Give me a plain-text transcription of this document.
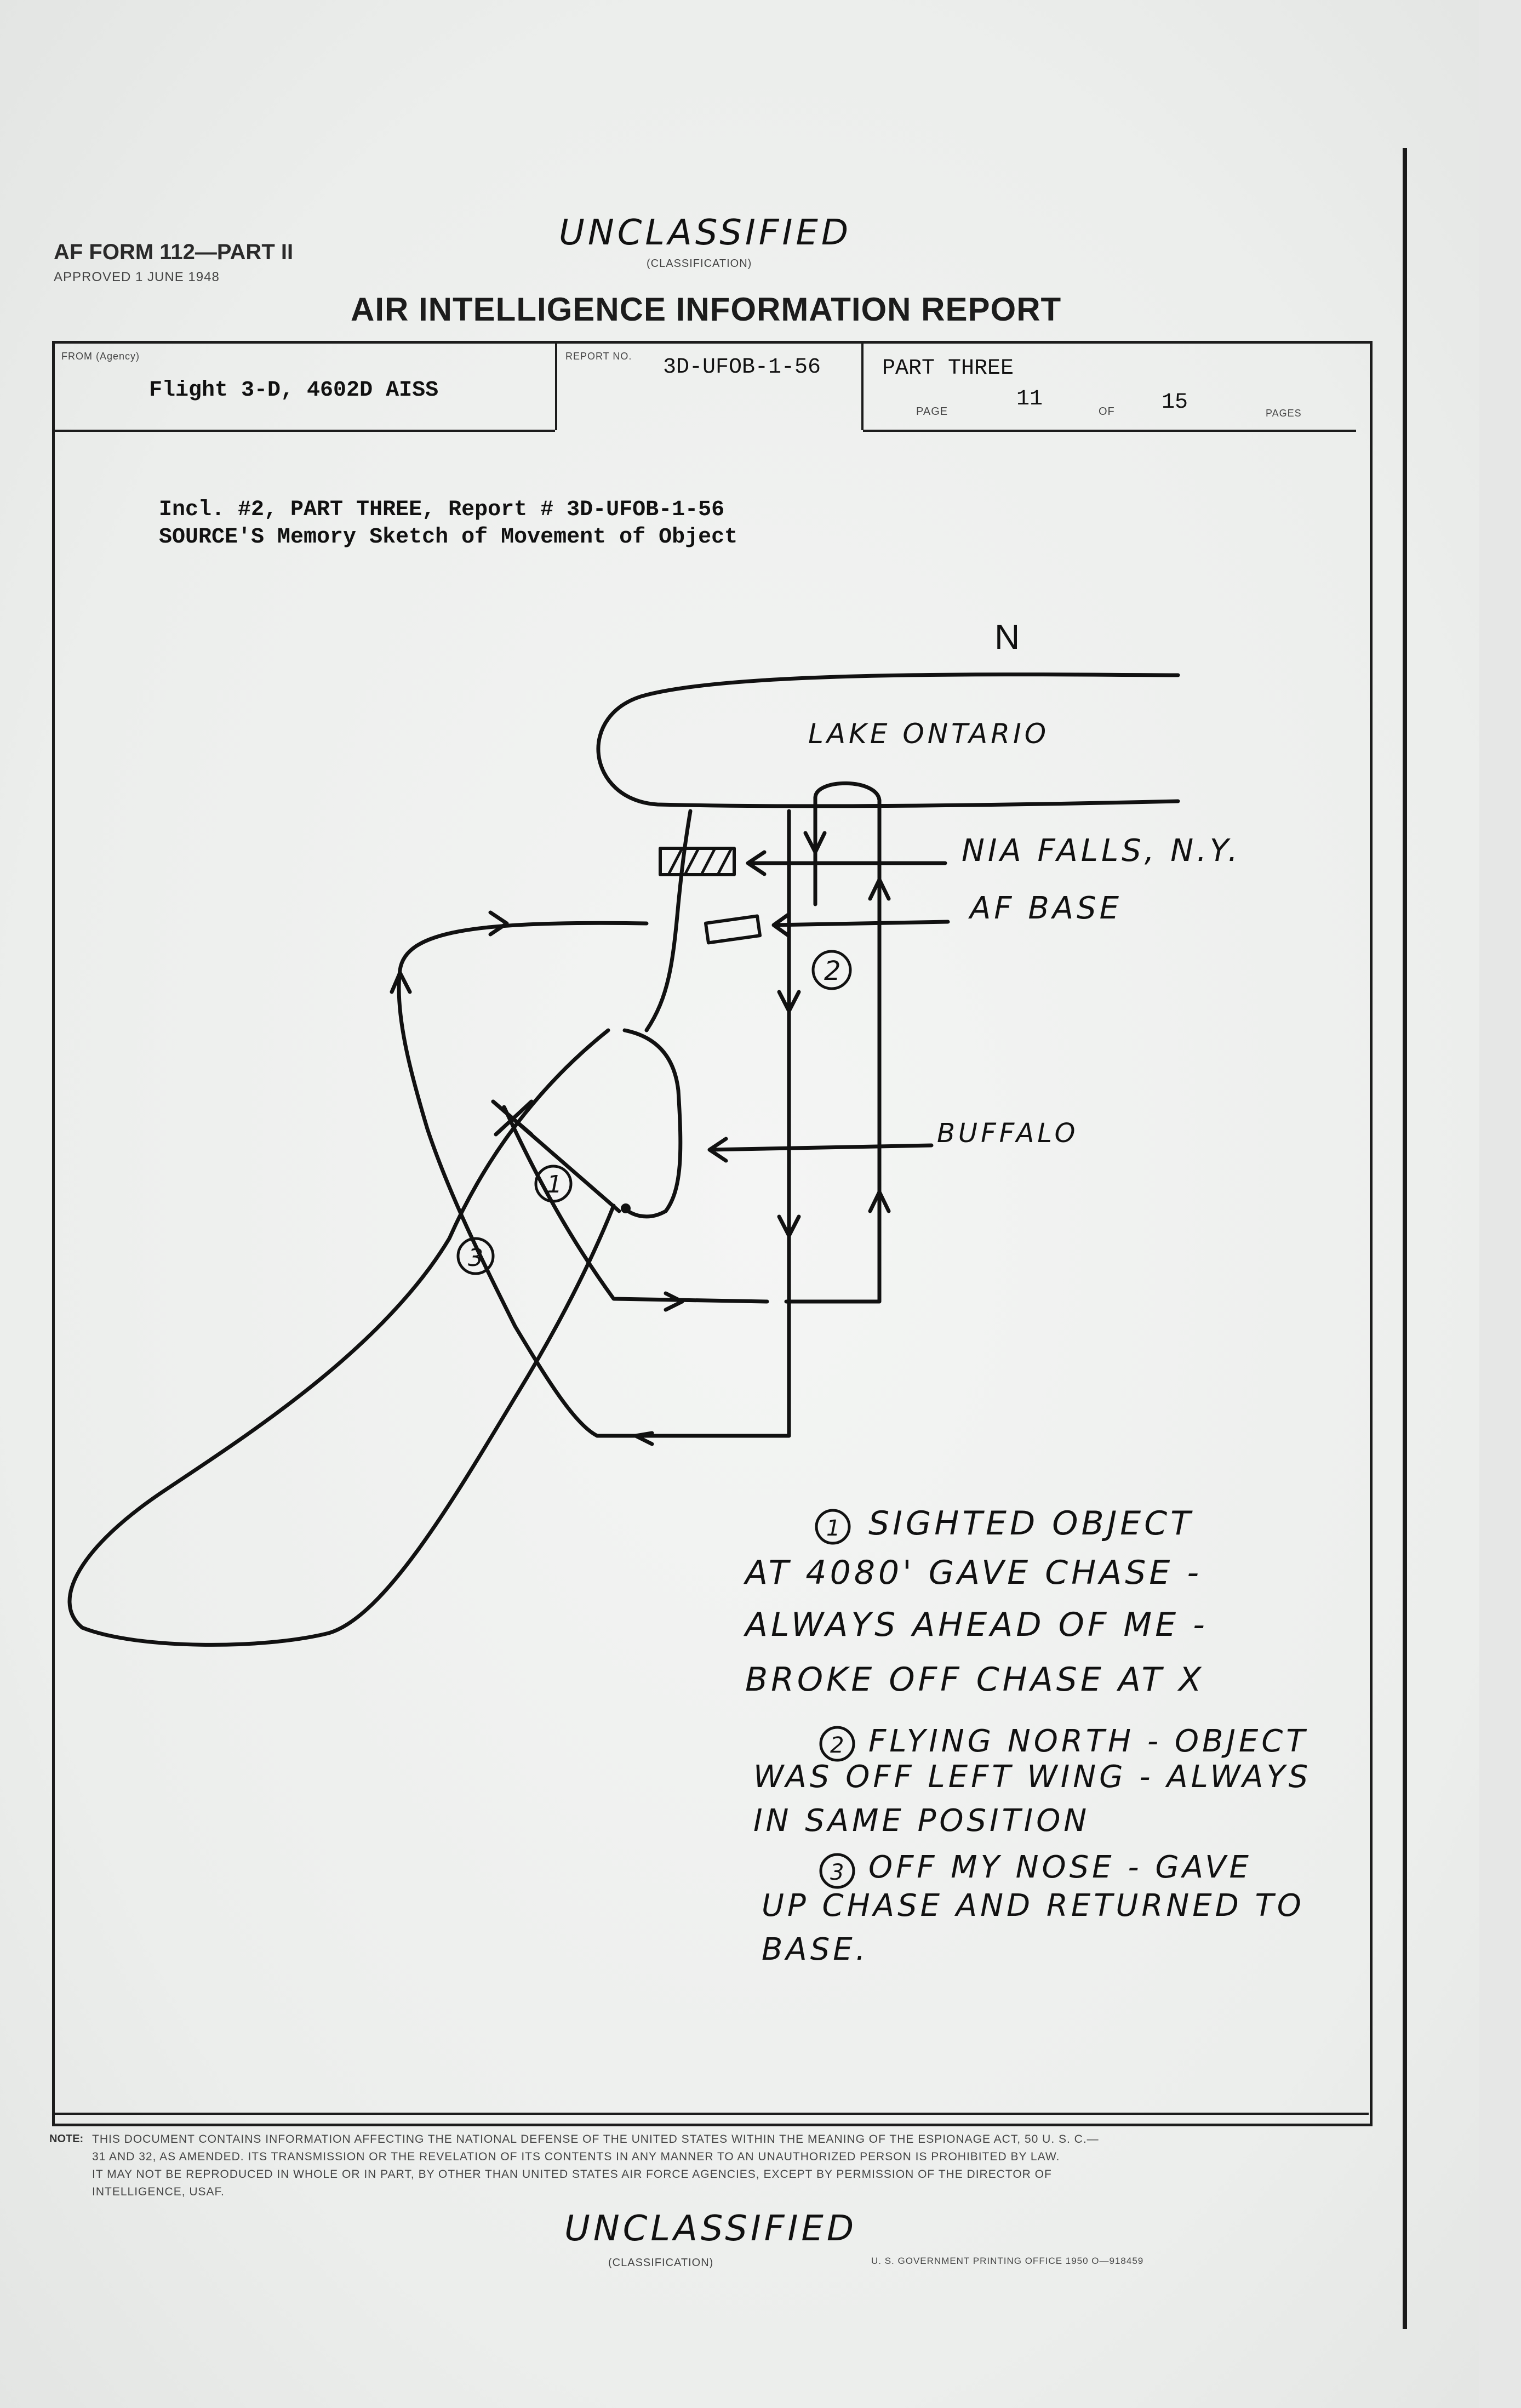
AF FORM 112—PART II
APPROVED 1 JUNE 1948
UNCLASSIFIED
(CLASSIFICATION)
AIR INTELLIGENCE INFORMATION REPORT
FROM (Agency)
Flight 3-D, 4602D AISS
REPORT NO. 3D-UFOB-1-56	PART THREE
PAGE	11	OF 15	PAGES
Incl. #2, PART THREE, Report # 3D-UFOB-1-56
SOURCE'S Memory Sketch of Movement of Object
1
2
3
1
2
3
N
LAKE ONTARIO
NIA FALLS, N.Y.
AF BASE
BUFFALO
SIGHTED OBJECT
AT 4080' GAVE CHASE -
ALWAYS AHEAD OF ME -
BROKE OFF CHASE AT X
FLYING NORTH - OBJECT
WAS OFF LEFT WING - ALWAYS
IN SAME POSITION
OFF MY NOSE - GAVE
UP CHASE AND RETURNED TO
BASE.
NOTE: THIS DOCUMENT CONTAINS INFORMATION AFFECTING THE NATIONAL DEFENSE OF THE UNITED STATES WITHIN THE MEANING OF THE ESPIONAGE ACT, 50 U. S. C.—
31 AND 32, AS AMENDED. ITS TRANSMISSION OR THE REVELATION OF ITS CONTENTS IN ANY MANNER TO AN UNAUTHORIZED PERSON IS PROHIBITED BY LAW.
IT MAY NOT BE REPRODUCED IN WHOLE OR IN PART, BY OTHER THAN UNITED STATES AIR FORCE AGENCIES, EXCEPT BY PERMISSION OF THE DIRECTOR OF
INTELLIGENCE, USAF.
UNCLASSIFIED
(CLASSIFICATION)	U. S. GOVERNMENT PRINTING OFFICE 1950 O—918459
